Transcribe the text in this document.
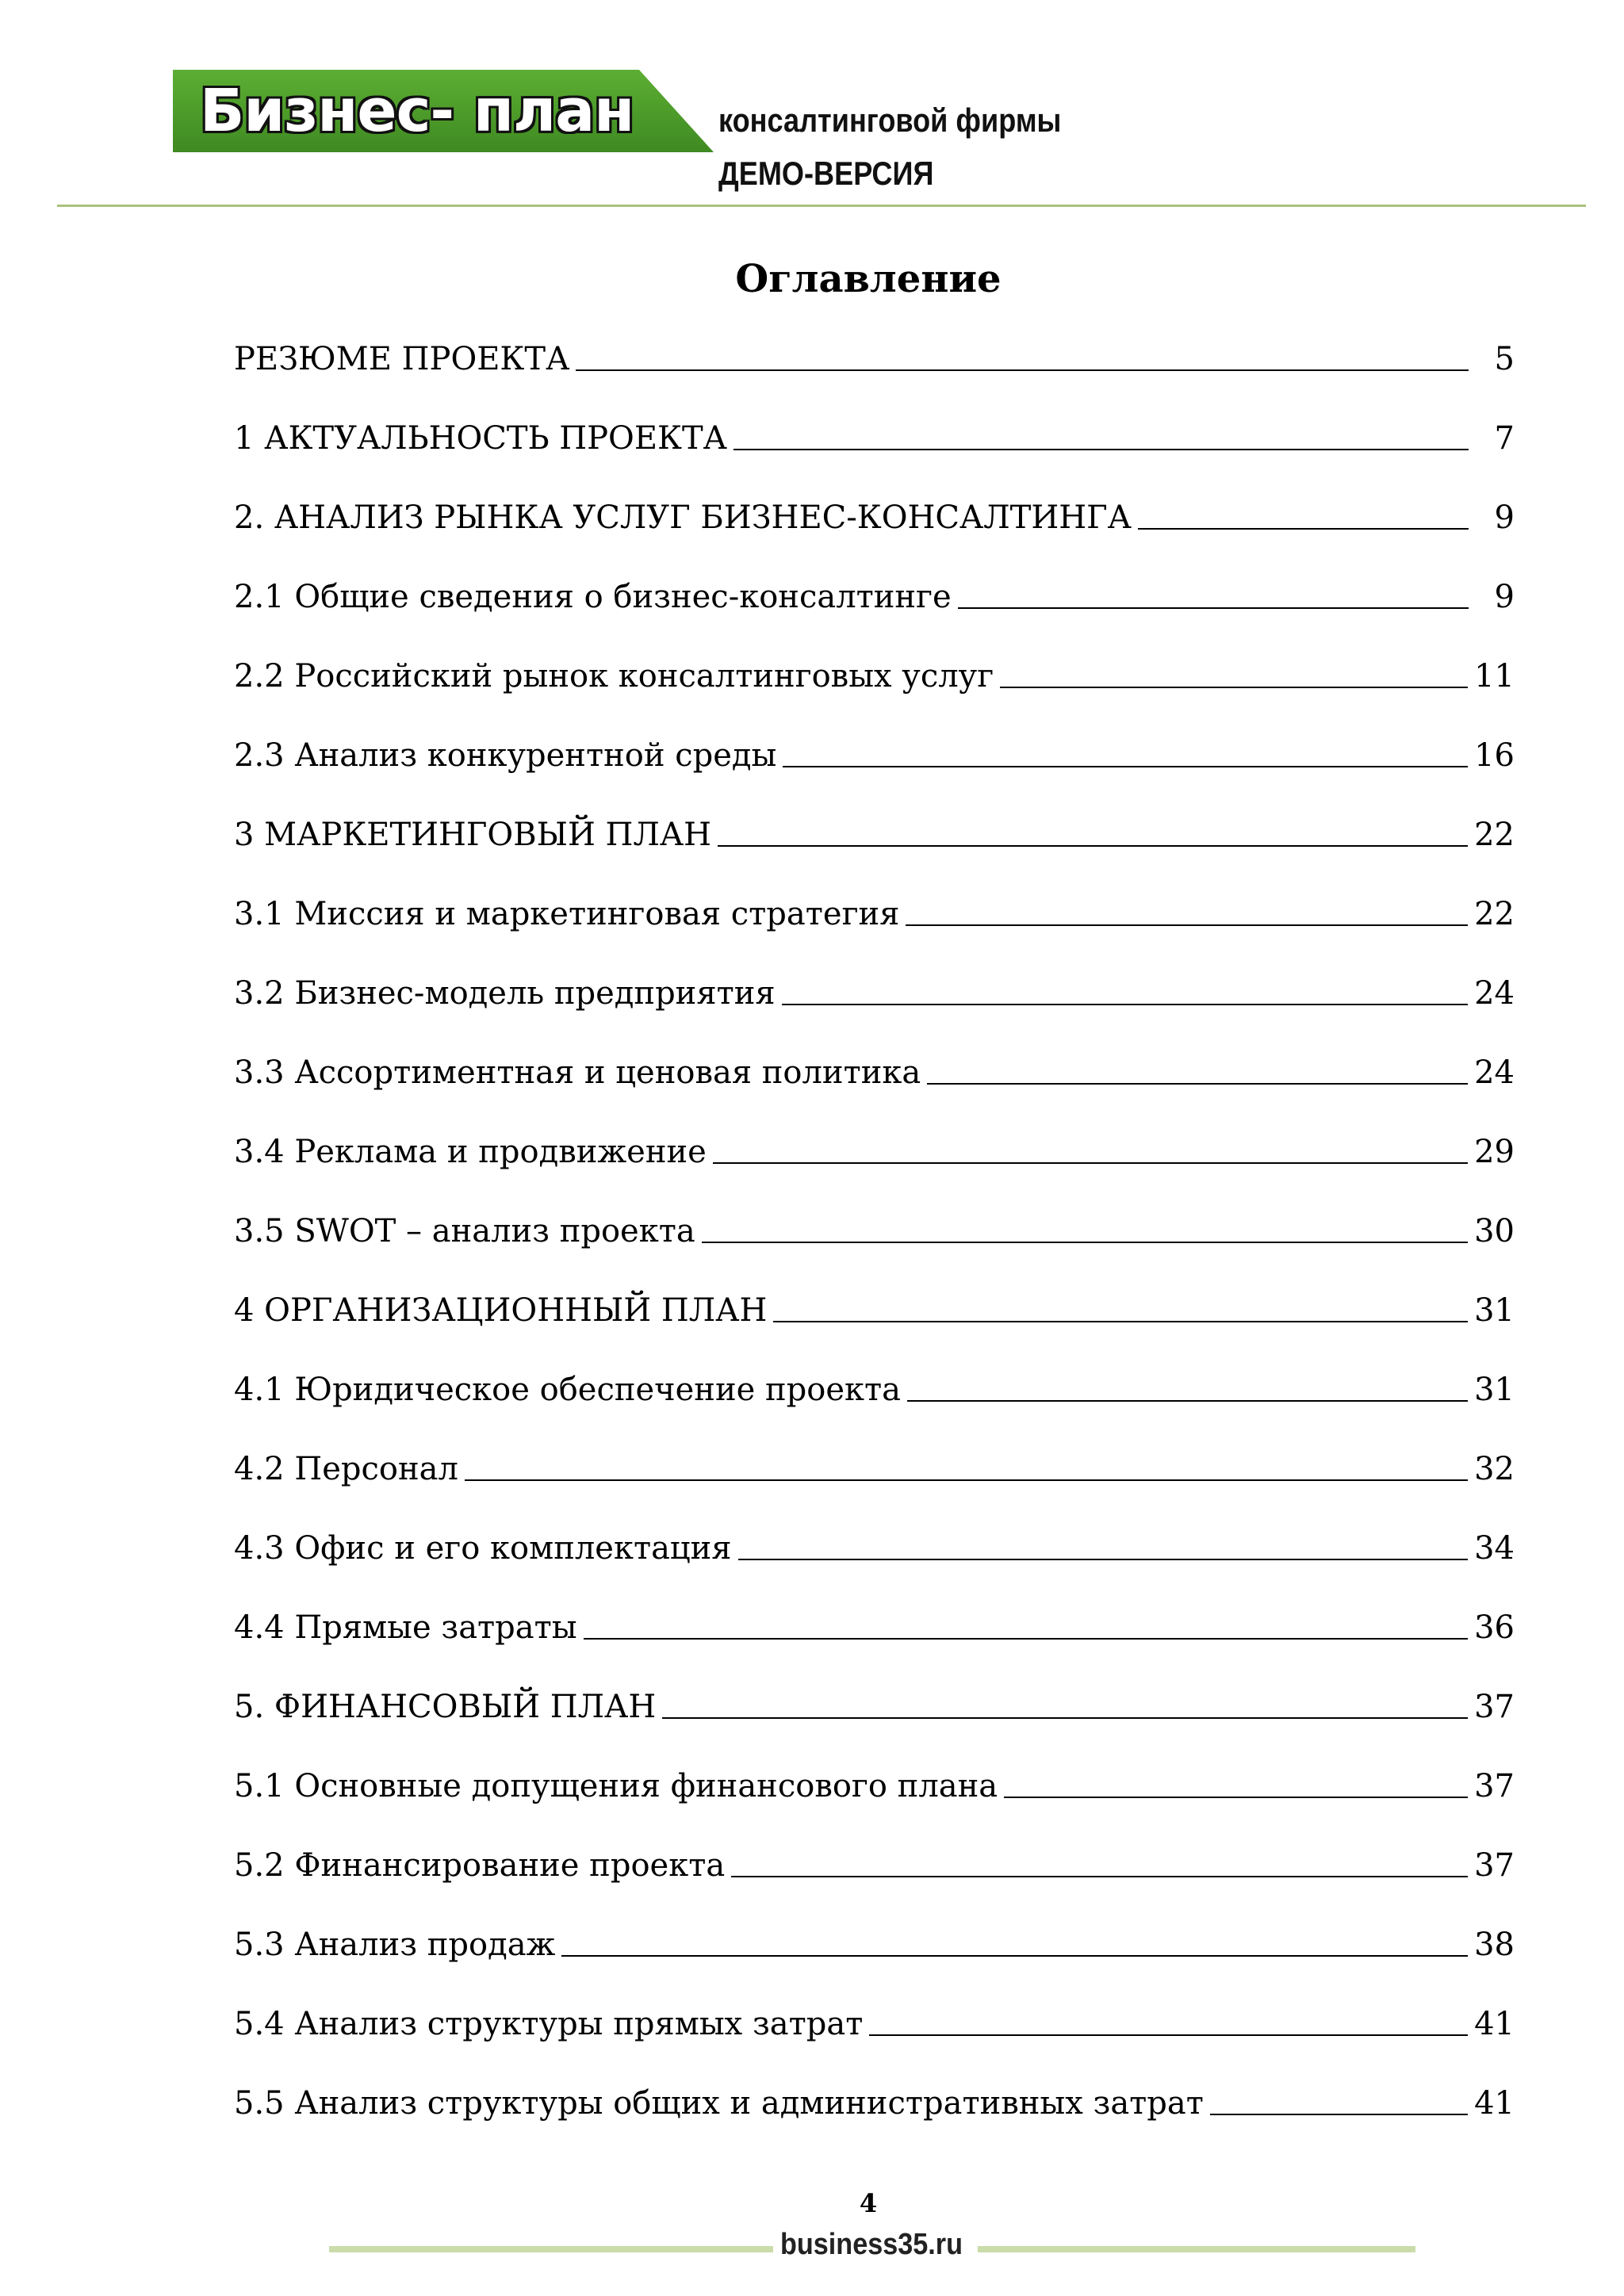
Бизнес- план	консалтинговой фирмы
ДЕМО-ВЕРСИЯ
Оглавление
РЕЗЮМЕ ПРОЕКТА	5
1 АКТУАЛЬНОСТЬ ПРОЕКТА	7
2. АНАЛИЗ РЫНКА УСЛУГ БИЗНЕС-КОНСАЛТИНГА	9
2.1 Общие сведения о бизнес-консалтинге	9
2.2 Российский рынок консалтинговых услуг	11
2.3 Анализ конкурентной среды	16
3 МАРКЕТИНГОВЫЙ ПЛАН	22
3.1 Миссия и маркетинговая стратегия	22
3.2 Бизнес-модель предприятия	24
3.3 Ассортиментная и ценовая политика	24
3.4 Реклама и продвижение	29
3.5 SWOT – анализ проекта	30
4 ОРГАНИЗАЦИОННЫЙ ПЛАН	31
4.1 Юридическое обеспечение проекта	31
4.2 Персонал	32
4.3 Офис и его комплектация	34
4.4 Прямые затраты	36
5. ФИНАНСОВЫЙ ПЛАН	37
5.1 Основные допущения финансового плана	37
5.2 Финансирование проекта	37
5.3 Анализ продаж	38
5.4 Анализ структуры прямых затрат	41
5.5 Анализ структуры общих и административных затрат	41
4
business35.ru
